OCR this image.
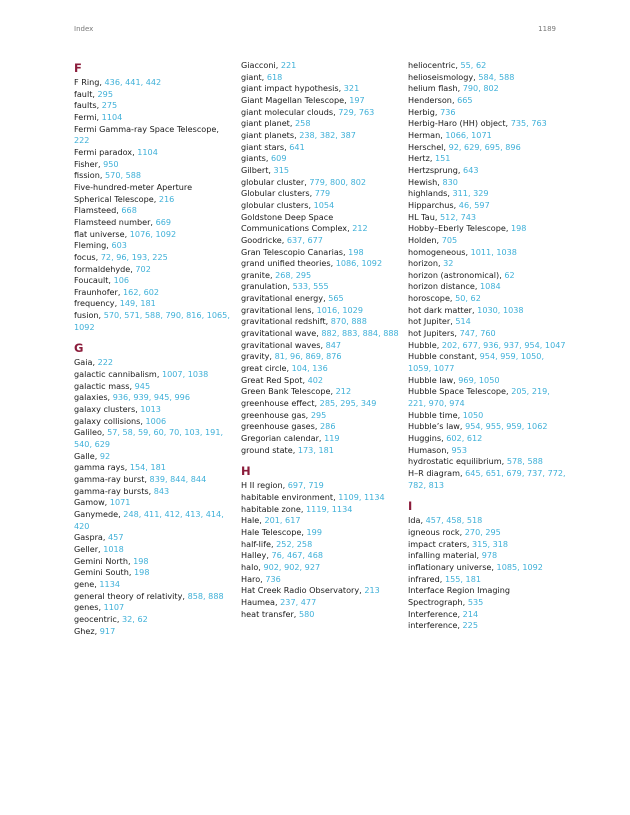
Index	1189
F
F Ring, 436, 441, 442
fault, 295
faults, 275
Fermi, 1104
Fermi Gamma-ray Space Telescope, 222
Fermi paradox, 1104
Fisher, 950
fission, 570, 588
Five-hundred-meter Aperture Spherical Telescope, 216
Flamsteed, 668
Flamsteed number, 669
flat universe, 1076, 1092
Fleming, 603
focus, 72, 96, 193, 225
formaldehyde, 702
Foucault, 106
Fraunhofer, 162, 602
frequency, 149, 181
fusion, 570, 571, 588, 790, 816, 1065, 1092
G
Gaia, 222
galactic cannibalism, 1007, 1038
galactic mass, 945
galaxies, 936, 939, 945, 996
galaxy clusters, 1013
galaxy collisions, 1006
Galileo, 57, 58, 59, 60, 70, 103, 191, 540, 629
Galle, 92
gamma rays, 154, 181
gamma-ray burst, 839, 844, 844
gamma-ray bursts, 843
Gamow, 1071
Ganymede, 248, 411, 412, 413, 414, 420
Gaspra, 457
Geller, 1018
Gemini North, 198
Gemini South, 198
gene, 1134
general theory of relativity, 858, 888
genes, 1107
geocentric, 32, 62
Ghez, 917
Giacconi, 221
giant, 618
giant impact hypothesis, 321
Giant Magellan Telescope, 197
giant molecular clouds, 729, 763
giant planet, 258
giant planets, 238, 382, 387
giant stars, 641
giants, 609
Gilbert, 315
globular cluster, 779, 800, 802
Globular clusters, 779
globular clusters, 1054
Goldstone Deep Space Communications Complex, 212
Goodricke, 637, 677
Gran Telescopio Canarias, 198
grand unified theories, 1086, 1092
granite, 268, 295
granulation, 533, 555
gravitational energy, 565
gravitational lens, 1016, 1029
gravitational redshift, 870, 888
gravitational wave, 882, 883, 884, 888
gravitational waves, 847
gravity, 81, 96, 869, 876
great circle, 104, 136
Great Red Spot, 402
Green Bank Telescope, 212
greenhouse effect, 285, 295, 349
greenhouse gas, 295
greenhouse gases, 286
Gregorian calendar, 119
ground state, 173, 181
H
H II region, 697, 719
habitable environment, 1109, 1134
habitable zone, 1119, 1134
Hale, 201, 617
Hale Telescope, 199
half-life, 252, 258
Halley, 76, 467, 468
halo, 902, 902, 927
Haro, 736
Hat Creek Radio Observatory, 213
Haumea, 237, 477
heat transfer, 580
heliocentric, 55, 62
helioseismology, 584, 588
helium flash, 790, 802
Henderson, 665
Herbig, 736
Herbig-Haro (HH) object, 735, 763
Herman, 1066, 1071
Herschel, 92, 629, 695, 896
Hertz, 151
Hertzsprung, 643
Hewish, 830
highlands, 311, 329
Hipparchus, 46, 597
HL Tau, 512, 743
Hobby–Eberly Telescope, 198
Holden, 705
homogeneous, 1011, 1038
horizon, 32
horizon (astronomical), 62
horizon distance, 1084
horoscope, 50, 62
hot dark matter, 1030, 1038
hot Jupiter, 514
hot Jupiters, 747, 760
Hubble, 202, 677, 936, 937, 954, 1047
Hubble constant, 954, 959, 1050, 1059, 1077
Hubble law, 969, 1050
Hubble Space Telescope, 205, 219, 221, 970, 974
Hubble time, 1050
Hubble’s law, 954, 955, 959, 1062
Huggins, 602, 612
Humason, 953
hydrostatic equilibrium, 578, 588
H–R diagram, 645, 651, 679, 737, 772, 782, 813
I
Ida, 457, 458, 518
igneous rock, 270, 295
impact craters, 315, 318
infalling material, 978
inflationary universe, 1085, 1092
infrared, 155, 181
Interface Region Imaging Spectrograph, 535
Interference, 214
interference, 225
